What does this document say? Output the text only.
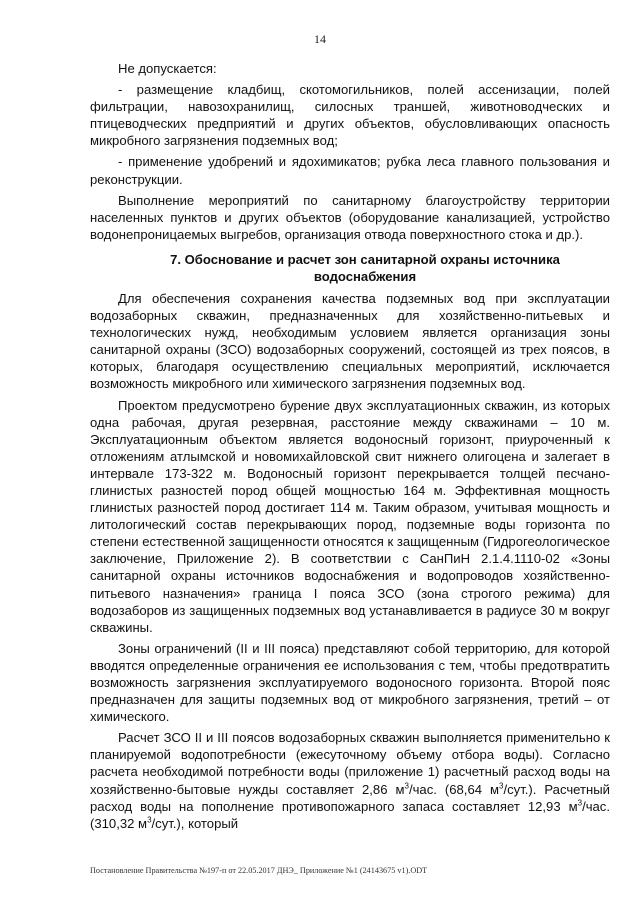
14

Не допускается:

- размещение кладбищ, скотомогильников, полей ассенизации, полей фильтрации, навозохранилищ, силосных траншей, животноводческих и птицеводческих предприятий и других объектов, обусловливающих опасность микробного загрязнения подземных вод;

- применение удобрений и ядохимикатов; рубка леса главного пользования и реконструкции.

Выполнение мероприятий по санитарному благоустройству территории населенных пунктов и других объектов (оборудование канализацией, устройство водонепроницаемых выгребов, организация отвода поверхностного стока и др.).

7. Обоснование и расчет зон санитарной охраны источника водоснабжения

Для обеспечения сохранения качества подземных вод при эксплуатации водозаборных скважин, предназначенных для хозяйственно-питьевых и технологических нужд, необходимым условием является организация зоны санитарной охраны (ЗСО) водозаборных сооружений, состоящей из трех поясов, в которых, благодаря осуществлению специальных мероприятий, исключается возможность микробного или химического загрязнения подземных вод.

Проектом предусмотрено бурение двух эксплуатационных скважин, из которых одна рабочая, другая резервная, расстояние между скважинами – 10 м. Эксплуатационным объектом является водоносный горизонт, приуроченный к отложениям атлымской и новомихайловской свит нижнего олигоцена и залегает в интервале 173-322 м. Водоносный горизонт перекрывается толщей песчано-глинистых разностей пород общей мощностью 164 м. Эффективная мощность глинистых разностей пород достигает 114 м. Таким образом, учитывая мощность и литологический состав перекрывающих пород, подземные воды горизонта по степени естественной защищенности относятся к защищенным (Гидрогеологическое заключение, Приложение 2). В соответствии с СанПиН 2.1.4.1110-02 «Зоны санитарной охраны источников водоснабжения и водопроводов хозяйственно-питьевого назначения» граница I пояса ЗСО (зона строгого режима) для водозаборов из защищенных подземных вод устанавливается в радиусе 30 м вокруг скважины.

Зоны ограничений (II и III пояса) представляют собой территорию, для которой вводятся определенные ограничения ее использования с тем, чтобы предотвратить возможность загрязнения эксплуатируемого водоносного горизонта. Второй пояс предназначен для защиты подземных вод от микробного загрязнения, третий – от химического.

Расчет ЗСО II и III поясов водозаборных скважин выполняется применительно к планируемой водопотребности (ежесуточному объему отбора воды). Согласно расчета необходимой потребности воды (приложение 1) расчетный расход воды на хозяйственно-бытовые нужды составляет 2,86 $м^3$/час. (68,64 $м^3/сут$.). Расчетный расход воды на пополнение противопожарного запаса составляет 12,93 $м^3$/час. (310,32 $м^3/сут$.), который

Постановление Правительства №197-п от 22.05.2017 ДНЭ_ Приложение №1 (24143675 v1).ODT
